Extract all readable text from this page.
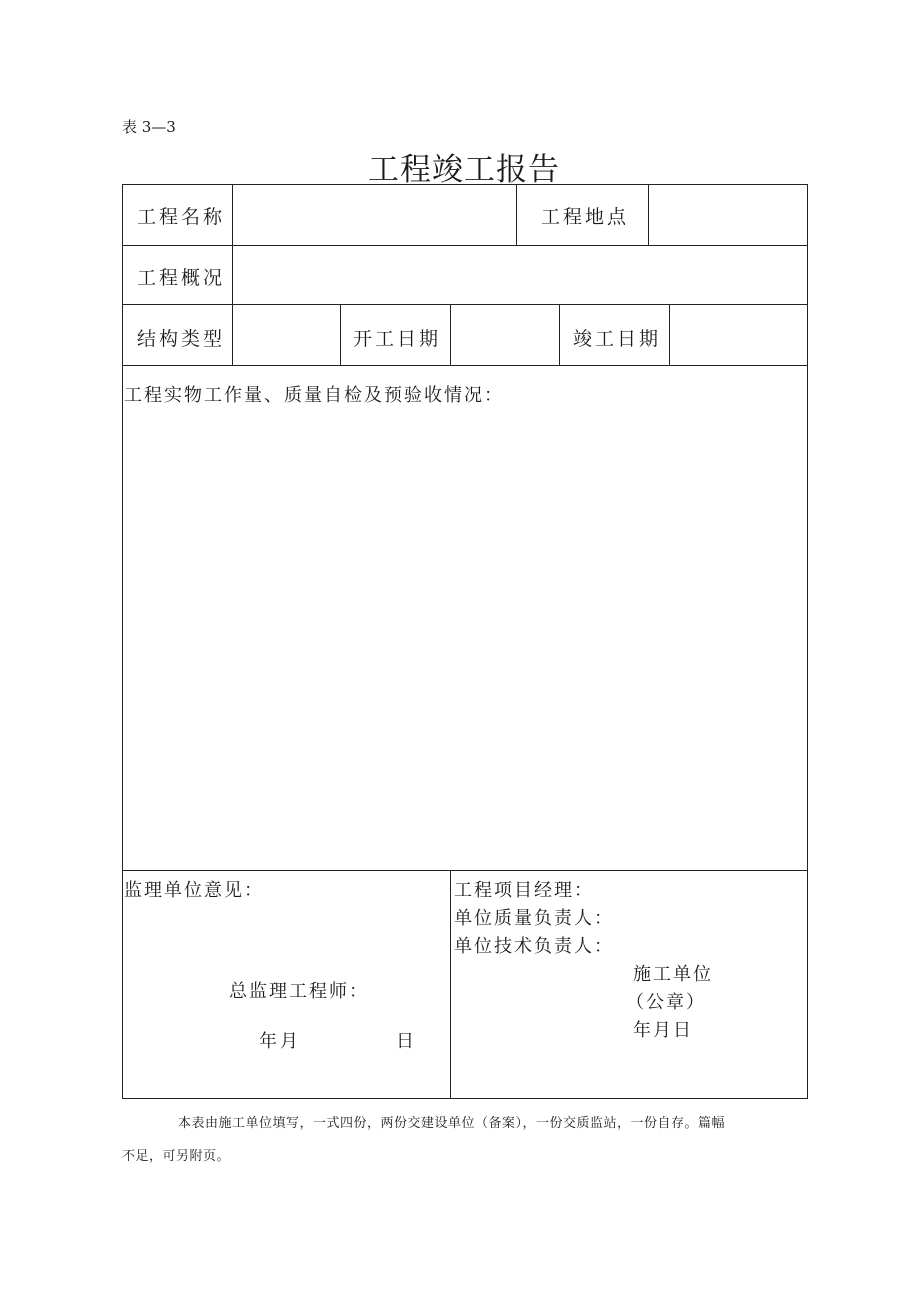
表 3—3
工程竣工报告
工程名称	工程地点
工程概况
结构类型	开工日期	竣工日期
工程实物工作量、质量自检及预验收情况：
监理单位意见：
总监理工程师：
年月	日
工程项目经理：
单位质量负责人：
单位技术负责人：
施工单位
（公章）
年月日
本表由施工单位填写，一式四份，两份交建设单位（备案），一份交质监站，一份自存。篇幅
不足，可另附页。
